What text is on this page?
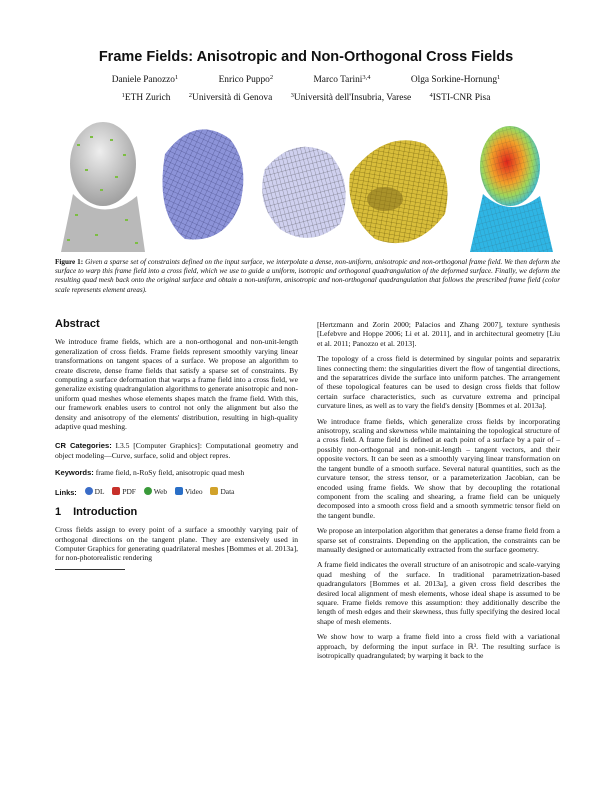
Frame Fields: Anisotropic and Non-Orthogonal Cross Fields
Daniele Panozzo$^1$	Enrico Puppo$^2$	Marco Tarini$^{3,4}$	Olga Sorkine-Hornung$^1$
$^1$ETH Zurich	$^2$Università di Genova	$^3$Università dell'Insubria, Varese	$^4$ISTI-CNR Pisa
Figure 1: Given a sparse set of constraints defined on the input surface, we interpolate a dense, non-uniform, anisotropic and non-orthogonal frame field. We then deform the surface to warp this frame field into a cross field, which we use to guide a uniform, isotropic and orthogonal quadrangulation of the deformed surface. Finally, we deform the resulting quad mesh back onto the original surface and obtain a non-uniform, anisotropic and non-orthogonal quadrangulation that follows the prescribed frame field (color scale represents element areas).
Abstract

We introduce frame fields, which are a non-orthogonal and non-unit-length generalization of cross fields. Frame fields represent smoothly varying linear transformations on tangent spaces of a surface. We propose an algorithm to create discrete, dense frame fields that satisfy a sparse set of constraints. By computing a surface deformation that warps a frame field into a cross field, we generalize existing quadrangulation algorithms to generate anisotropic and non-uniform quad meshes whose elements shapes match the frame field. With this, our framework enables users to control not only the alignment but also the density and anisotropy of the elements' distribution, resulting in high-quality adaptive quad meshing.

CR Categories: I.3.5 [Computer Graphics]: Computational geometry and object modeling—Curve, surface, solid and object repres.

Keywords: frame field, n-RoSy field, anisotropic quad mesh

Links: DL
PDF
Web
Video
Data
1 Introduction

Cross fields assign to every point of a surface a smoothly varying pair of orthogonal directions on the tangent plane. They are extensively used in Computer Graphics for generating quadrilateral meshes [Bommes et al. 2013a], for non-photorealistic rendering

[Hertzmann and Zorin 2000; Palacios and Zhang 2007], texture synthesis [Lefebvre and Hoppe 2006; Li et al. 2011], and in architectural geometry [Liu et al. 2011; Panozzo et al. 2013].

The topology of a cross field is determined by singular points and separatrix lines connecting them: the singularities divert the flow of tangential directions, and the separatrices divide the surface into uniform patches. The arrangement of these topological features can be used to design cross fields that follow certain surface characteristics, such as curvature extrema and principal curvature lines, as well as to vary the field's density [Bommes et al. 2013a].

We introduce frame fields, which generalize cross fields by incorporating anisotropy, scaling and skewness while maintaining the topological structure of a cross field. A frame field is defined at each point of a surface by a pair of – possibly non-orthogonal and non-unit-length – tangent vectors, and their opposite vectors. It can be seen as a smoothly varying linear transformation on the tangent bundle of a smooth surface. Several natural quantities, such as the curvature tensor, the stress tensor, or a parameterization Jacobian, can be encoded using frame fields. We show that by decoupling the rotational component from the scaling and shearing, a frame field can be uniquely decomposed into a smooth cross field and a smooth symmetric tensor field on the tangent bundle.

We propose an interpolation algorithm that generates a dense frame field from a sparse set of constraints. Depending on the application, the constraints can be manually designed or automatically extracted from the surface geometry.

A frame field indicates the overall structure of an anisotropic and scale-varying quad meshing of the surface. In traditional parametrization-based quadrangulators [Bommes et al. 2013a], a given cross field describes the desired local alignment of mesh elements, whose ideal shape is assumed to be square. Frame fields remove this assumption: they additionally describe the length of mesh edges and their skewness, thus fully specifying the desired local shape of mesh elements.

We show how to warp a frame field into a cross field with a variational approach, by deforming the input surface in ℝ³. The resulting surface is isotropically quadrangulated; by warping it back to the
